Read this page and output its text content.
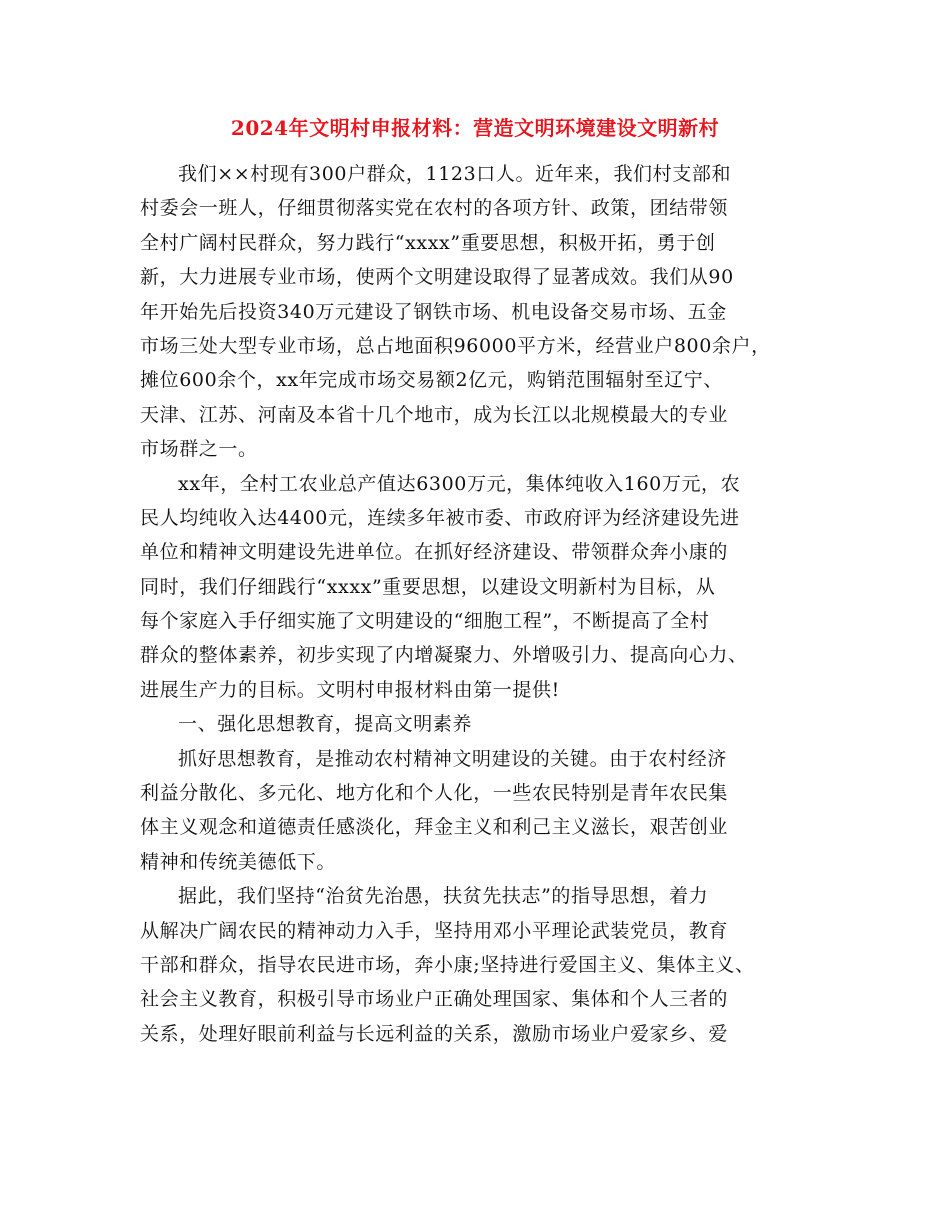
2024年文明村申报材料：营造文明环境建设文明新村
我们××村现有300户群众，1123口人。近年来，我们村支部和
村委会一班人，仔细贯彻落实党在农村的各项方针、政策，团结带领
全村广阔村民群众，努力践行“xxxx”重要思想，积极开拓，勇于创
新，大力进展专业市场，使两个文明建设取得了显著成效。我们从90
年开始先后投资340万元建设了钢铁市场、机电设备交易市场、五金
市场三处大型专业市场，总占地面积96000平方米，经营业户800余户，
摊位600余个，xx年完成市场交易额2亿元，购销范围辐射至辽宁、
天津、江苏、河南及本省十几个地市，成为长江以北规模最大的专业
市场群之一。
xx年，全村工农业总产值达6300万元，集体纯收入160万元，农
民人均纯收入达4400元，连续多年被市委、市政府评为经济建设先进
单位和精神文明建设先进单位。在抓好经济建设、带领群众奔小康的
同时，我们仔细践行“xxxx”重要思想，以建设文明新村为目标，从
每个家庭入手仔细实施了文明建设的“细胞工程”，不断提高了全村
群众的整体素养，初步实现了内增凝聚力、外增吸引力、提高向心力、
进展生产力的目标。文明村申报材料由第一提供!
一、强化思想教育，提高文明素养
抓好思想教育，是推动农村精神文明建设的关键。由于农村经济
利益分散化、多元化、地方化和个人化，一些农民特别是青年农民集
体主义观念和道德责任感淡化，拜金主义和利己主义滋长，艰苦创业
精神和传统美德低下。
据此，我们坚持“治贫先治愚，扶贫先扶志”的指导思想，着力
从解决广阔农民的精神动力入手，坚持用邓小平理论武装党员，教育
干部和群众，指导农民进市场，奔小康;坚持进行爱国主义、集体主义、
社会主义教育，积极引导市场业户正确处理国家、集体和个人三者的
关系，处理好眼前利益与长远利益的关系，激励市场业户爱家乡、爱
